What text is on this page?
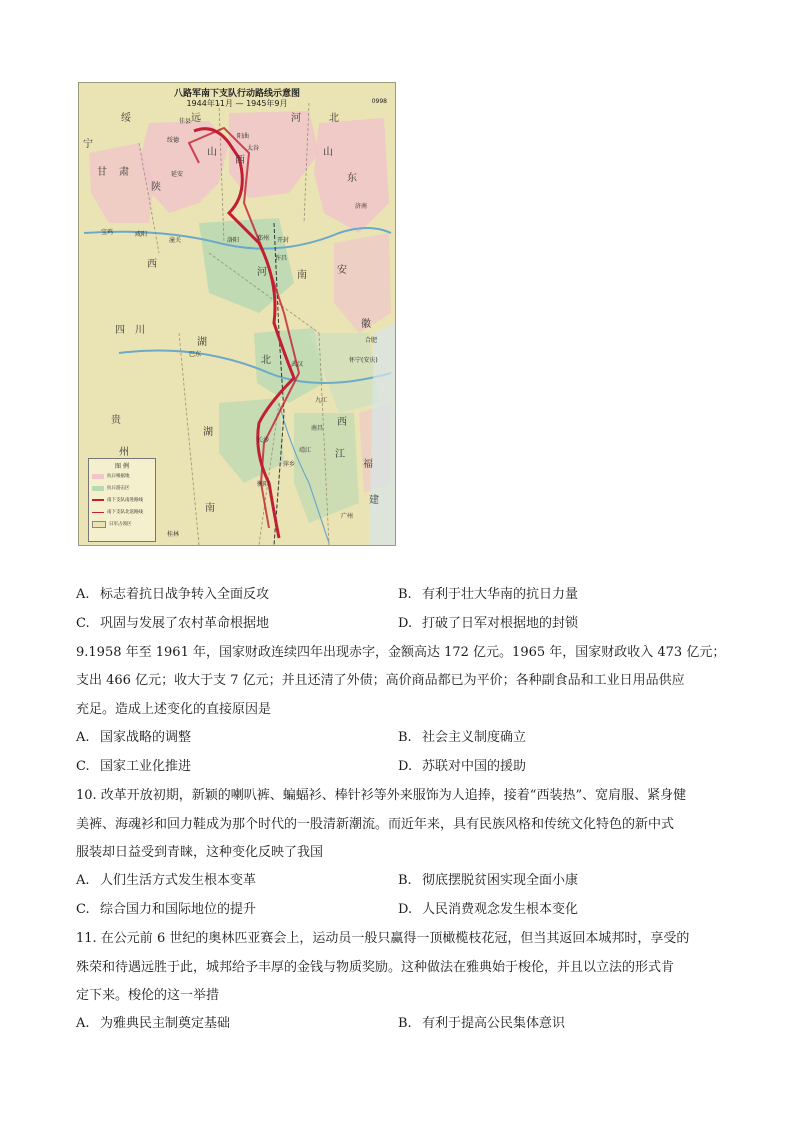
八路军南下支队行动路线示意图
1944年11月 — 1945年9月	0998
绥	远	河	北
宁
甘 肃
陕
山
西
山
东
西
河	南	安
四 川
湖
北
徽
贵
州
湖
江
西
福
南
建
佳县
绥德
延安
阳曲
太谷
济南
宝鸡	咸阳
潼关	洛阳	郑州 开封
许昌
合肥
怀宁(安庆)
九江
南昌
长沙
萍乡
衡阳
桂林
广州
巴东
武汉
靖江
图 例
抗日根据地
抗日游击区
南下支队南进路线
南下支队北返路线
日军占领区
A. 标志着抗日战争转入全面反攻	B. 有利于壮大华南的抗日力量
C. 巩固与发展了农村革命根据地	D. 打破了日军对根据地的封锁
9.1958 年至 1961 年，国家财政连续四年出现赤字，金额高达 172 亿元。1965 年，国家财政收入 473 亿元；
支出 466 亿元；收大于支 7 亿元；并且还清了外债；高价商品都已为平价；各种副食品和工业日用品供应
充足。造成上述变化的直接原因是
A. 国家战略的调整	B. 社会主义制度确立
C. 国家工业化推进	D. 苏联对中国的援助
10. 改革开放初期，新颖的喇叭裤、蝙蝠衫、棒针衫等外来服饰为人追捧，接着“西装热”、宽肩服、紧身健
美裤、海魂衫和回力鞋成为那个时代的一股清新潮流。而近年来，具有民族风格和传统文化特色的新中式
服装却日益受到青睐，这种变化反映了我国
A. 人们生活方式发生根本变革	B. 彻底摆脱贫困实现全面小康
C. 综合国力和国际地位的提升	D. 人民消费观念发生根本变化
11. 在公元前 6 世纪的奥林匹亚赛会上，运动员一般只赢得一顶橄榄枝花冠，但当其返回本城邦时，享受的
殊荣和待遇远胜于此，城邦给予丰厚的金钱与物质奖励。这种做法在雅典始于梭伦，并且以立法的形式肯
定下来。梭伦的这一举措
A. 为雅典民主制奠定基础	B. 有利于提高公民集体意识
